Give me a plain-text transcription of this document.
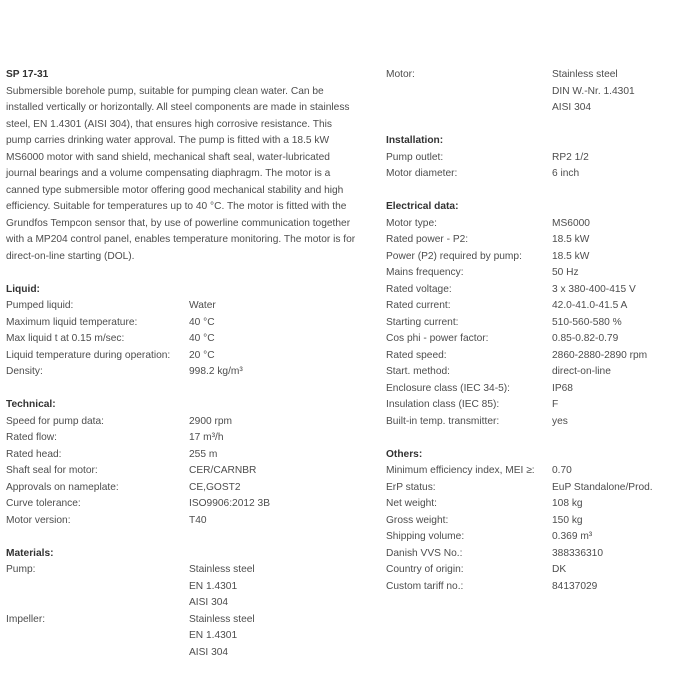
SP 17-31

Submersible borehole pump, suitable for pumping clean water. Can be installed vertically or horizontally. All steel components are made in stainless steel, EN 1.4301 (AISI 304), that ensures high corrosive resistance. This pump carries drinking water approval. The pump is fitted with a 18.5 kW MS6000 motor with sand shield, mechanical shaft seal, water-lubricated journal bearings and a volume compensating diaphragm. The motor is a canned type submersible motor offering good mechanical stability and high efficiency. Suitable for temperatures up to 40 °C. The motor is fitted with the Grundfos Tempcon sensor that, by use of powerline communication together with a MP204 control panel, enables temperature monitoring. The motor is for direct-on-line starting (DOL).

Liquid:
Pumped liquid:	Water
Maximum liquid temperature:	40 °C
Max liquid t at 0.15 m/sec:	40 °C
Liquid temperature during operation:	20 °C
Density:	998.2 kg/m³
Technical:
Speed for pump data:	2900 rpm
Rated flow:	17 m³/h
Rated head:	255 m
Shaft seal for motor:	CER/CARNBR
Approvals on nameplate:	CE,GOST2
Curve tolerance:	ISO9906:2012 3B
Motor version:	T40
Materials:
Pump:	Stainless steel
EN 1.4301
AISI 304
Impeller:	Stainless steel
EN 1.4301
AISI 304
Motor:	Stainless steel
DIN W.-Nr. 1.4301
AISI 304
Installation:
Pump outlet:	RP2 1/2
Motor diameter:	6 inch
Electrical data:
Motor type:	MS6000
Rated power - P2:	18.5 kW
Power (P2) required by pump:	18.5 kW
Mains frequency:	50 Hz
Rated voltage:	3 x 380-400-415 V
Rated current:	42.0-41.0-41.5 A
Starting current:	510-560-580 %
Cos phi - power factor:	0.85-0.82-0.79
Rated speed:	2860-2880-2890 rpm
Start. method:	direct-on-line
Enclosure class (IEC 34-5):	IP68
Insulation class (IEC 85):	F
Built-in temp. transmitter:	yes
Others:
Minimum efficiency index, MEI ≥:	0.70
ErP status:	EuP Standalone/Prod.
Net weight:	108 kg
Gross weight:	150 kg
Shipping volume:	0.369 m³
Danish VVS No.:	388336310
Country of origin:	DK
Custom tariff no.:	84137029
